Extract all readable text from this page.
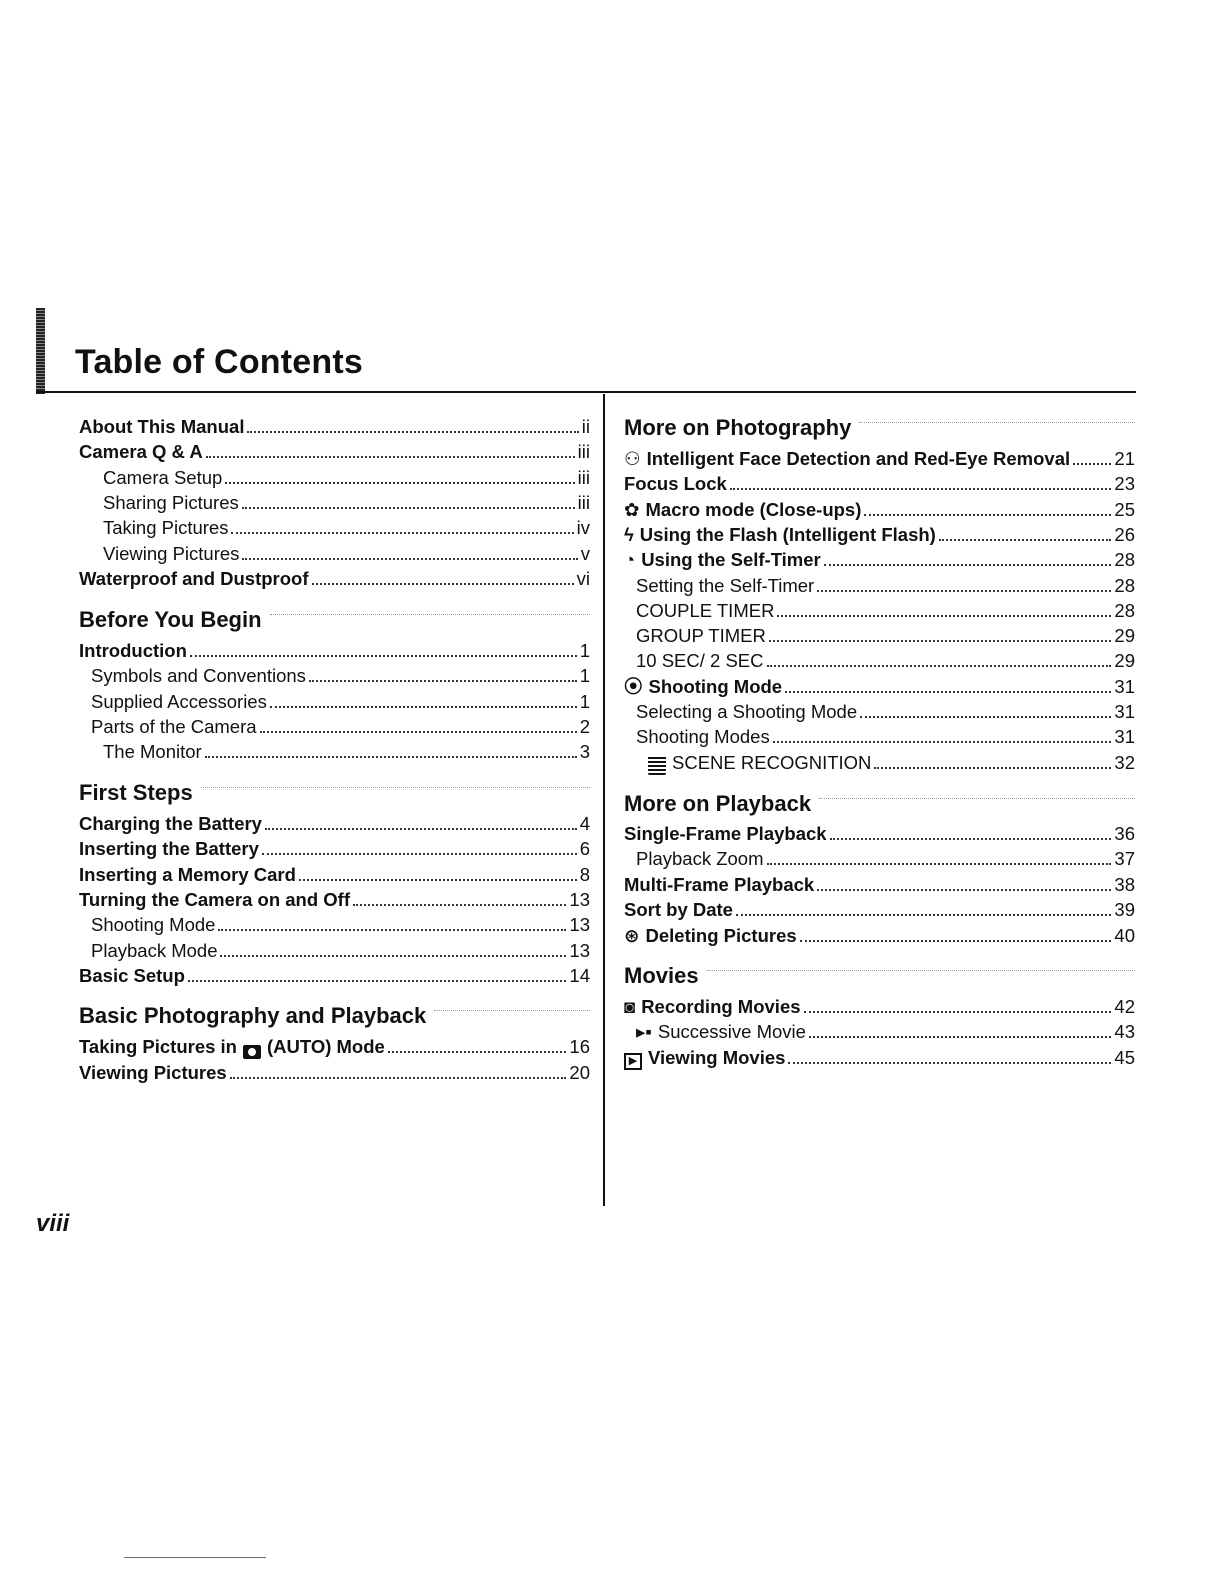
Table of Contents
About This Manual	ii
Camera Q & A	iii
Camera Setup	iii
Sharing Pictures	iii
Taking Pictures	iv
Viewing Pictures	v
Waterproof and Dustproof	vi
Before You Begin
Introduction	1
Symbols and Conventions	1
Supplied Accessories	1
Parts of the Camera	2
The Monitor	3
First Steps
Charging the Battery	4
Inserting the Battery	6
Inserting a Memory Card	8
Turning the Camera on and Off	13
Shooting Mode	13
Playback Mode	13
Basic Setup	14
Basic Photography and Playback
Taking Pictures in (AUTO) Mode	16
Viewing Pictures	20
More on Photography
⚇ Intelligent Face Detection and Red-Eye Removal 21
Focus Lock	23
✿ Macro mode (Close-ups)	25
ϟ Using the Flash (Intelligent Flash)	26
◔ Using the Self-Timer	28
Setting the Self-Timer	28
COUPLE TIMER	28
GROUP TIMER	29
10 SEC/ 2 SEC	29
⦿ Shooting Mode	31
Selecting a Shooting Mode	31
Shooting Modes	31
SCENE RECOGNITION	32
More on Playback
Single-Frame Playback	36
Playback Zoom	37
Multi-Frame Playback	38
Sort by Date	39
⊛ Deleting Pictures	40
Movies
◙ Recording Movies	42
▸▪ Successive Movie	43
▶ Viewing Movies	45

viii
